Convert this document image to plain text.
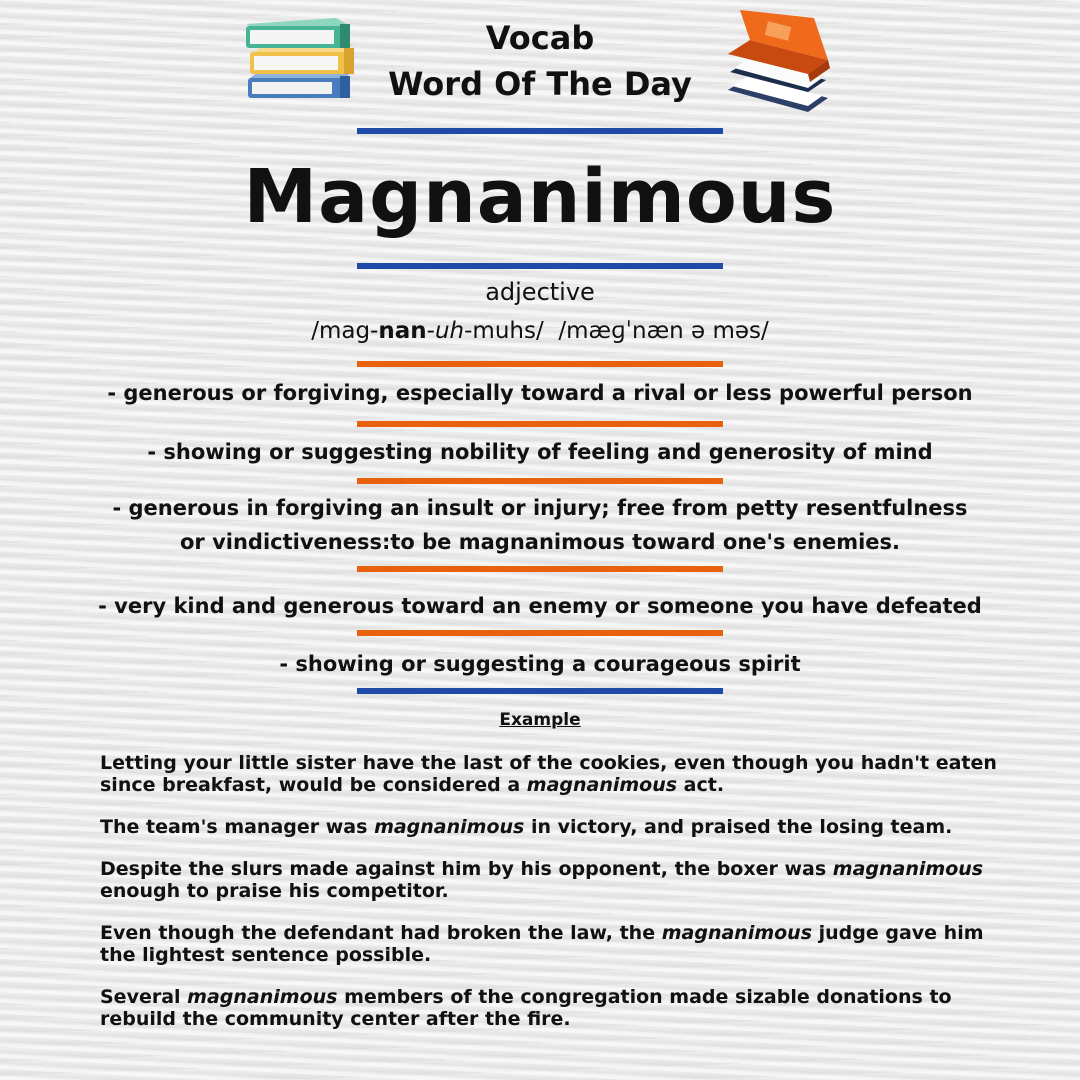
Vocab
Word Of The Day
Magnanimous
adjective
/mag-nan-uh-muhs/ /mæɡˈnæn ə məs/
- generous or forgiving, especially toward a rival or less powerful person
- showing or suggesting nobility of feeling and generosity of mind
- generous in forgiving an insult or injury; free from petty resentfulness
or vindictiveness:to be magnanimous toward one's enemies.
- very kind and generous toward an enemy or someone you have defeated
- showing or suggesting a courageous spirit
Example

Letting your little sister have the last of the cookies, even though you hadn't eaten since breakfast, would be considered a magnanimous act.

The team's manager was magnanimous in victory, and praised the losing team.

Despite the slurs made against him by his opponent, the boxer was magnanimous enough to praise his competitor.

Even though the defendant had broken the law, the magnanimous judge gave him the lightest sentence possible.

Several magnanimous members of the congregation made sizable donations to rebuild the community center after the fire.
